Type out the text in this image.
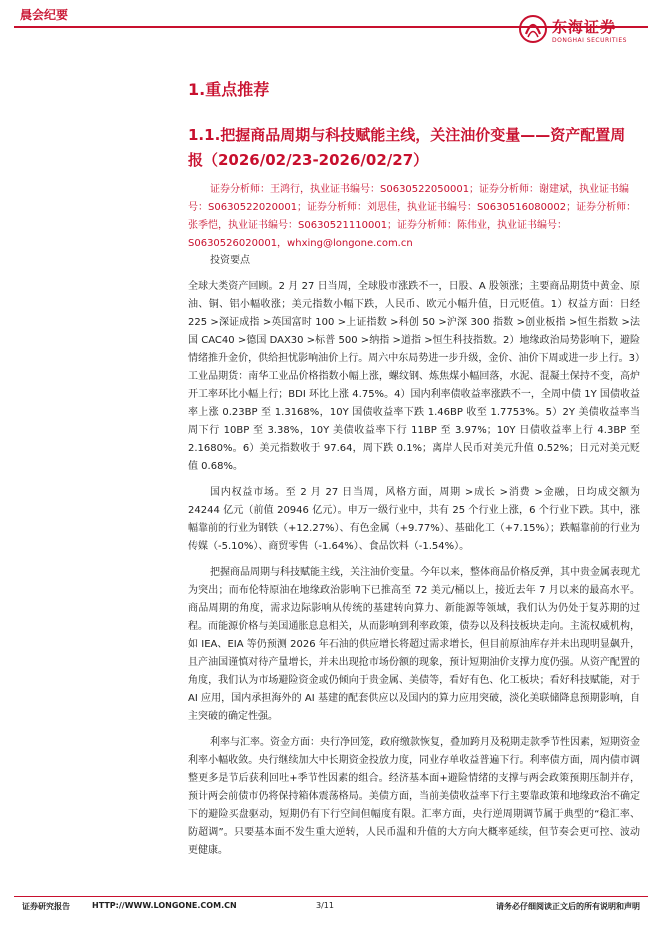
晨会纪要
东海证券
DONGHAI SECURITIES
1.重点推荐
1.1.把握商品周期与科技赋能主线，关注油价变量——资产配置周报（2026/02/23-2026/02/27）
证券分析师：王鸿行，执业证书编号：S0630522050001；证券分析师：谢建斌，执业证书编号：S0630522020001；证券分析师：刘思佳，执业证书编号：S0630516080002；证券分析师：张季恺，执业证书编号：S0630521110001；证券分析师：陈伟业，执业证书编号：S0630526020001，whxing@longone.com.cn

投资要点

全球大类资产回顾。2 月 27 日当周，全球股市涨跌不一，日股、A 股领涨；主要商品期货中黄金、原油、铜、铝小幅收涨；美元指数小幅下跌，人民币、欧元小幅升值，日元贬值。1）权益方面：日经 225 >深证成指 >英国富时 100 >上证指数 >科创 50 >沪深 300 指数 >创业板指 >恒生指数 >法国 CAC40 >德国 DAX30 >标普 500 >纳指 >道指 >恒生科技指数。2）地缘政治局势影响下，避险情绪推升金价，供给担忧影响油价上行。周六中东局势进一步升级，金价、油价下周或进一步上行。3）工业品期货：南华工业品价格指数小幅上涨，螺纹钢、炼焦煤小幅回落，水泥、混凝土保持不变，高炉开工率环比小幅上行；BDI 环比上涨 4.75%。4）国内利率债收益率涨跌不一，全周中债 1Y 国债收益率上涨 0.23BP 至 1.3168%，10Y 国债收益率下跌 1.46BP 收至 1.7753%。5）2Y 美债收益率当周下行 10BP 至 3.38%，10Y 美债收益率下行 11BP 至 3.97%；10Y 日债收益率上行 4.3BP 至 2.1680%。6）美元指数收于 97.64，周下跌 0.1%；离岸人民币对美元升值 0.52%；日元对美元贬值 0.68%。

国内权益市场。至 2 月 27 日当周，风格方面，周期 >成长 >消费 >金融，日均成交额为 24244 亿元（前值 20946 亿元）。申万一级行业中，共有 25 个行业上涨，6 个行业下跌。其中，涨幅靠前的行业为钢铁（+12.27%）、有色金属（+9.77%）、基础化工（+7.15%）；跌幅靠前的行业为传媒（-5.10%）、商贸零售（-1.64%）、食品饮料（-1.54%）。

把握商品周期与科技赋能主线，关注油价变量。今年以来，整体商品价格反弹，其中贵金属表现尤为突出；而布伦特原油在地缘政治影响下已推高至 72 美元/桶以上，接近去年 7 月以来的最高水平。商品周期的角度，需求边际影响从传统的基建转向算力、新能源等领域，我们认为仍处于复苏期的过程。而能源价格与美国通胀息息相关，从而影响到利率政策，债券以及科技板块走向。主流权威机构，如 IEA、EIA 等仍预测 2026 年石油的供应增长将超过需求增长，但目前原油库存并未出现明显飙升，且产油国谨慎对待产量增长，并未出现抢市场份额的现象，预计短期油价支撑力度仍强。从资产配置的角度，我们认为市场避险资金或仍倾向于贵金属、美债等，看好有色、化工板块；看好科技赋能，对于 AI 应用，国内承担海外的 AI 基建的配套供应以及国内的算力应用突破，淡化美联储降息预期影响，自主突破的确定性强。

利率与汇率。资金方面：央行净回笼，政府缴款恢复，叠加跨月及税期走款季节性因素，短期资金利率小幅收敛。央行继续加大中长期资金投放力度，同业存单收益普遍下行。利率债方面，周内债市调整更多是节后获利回吐+季节性因素的组合。经济基本面+避险情绪的支撑与两会政策预期压制并存，预计两会前债市仍将保持箱体震荡格局。美债方面，当前美债收益率下行主要靠政策和地缘政治不确定下的避险买盘驱动，短期仍有下行空间但幅度有限。汇率方面，央行逆周期调节属于典型的“稳汇率、防超调”。只要基本面不发生重大逆转，人民币温和升值的大方向大概率延续，但节奏会更可控、波动更健康。

证券研究报告	HTTP://WWW.LONGONE.COM.CN	3/11	请务必仔细阅读正文后的所有说明和声明
